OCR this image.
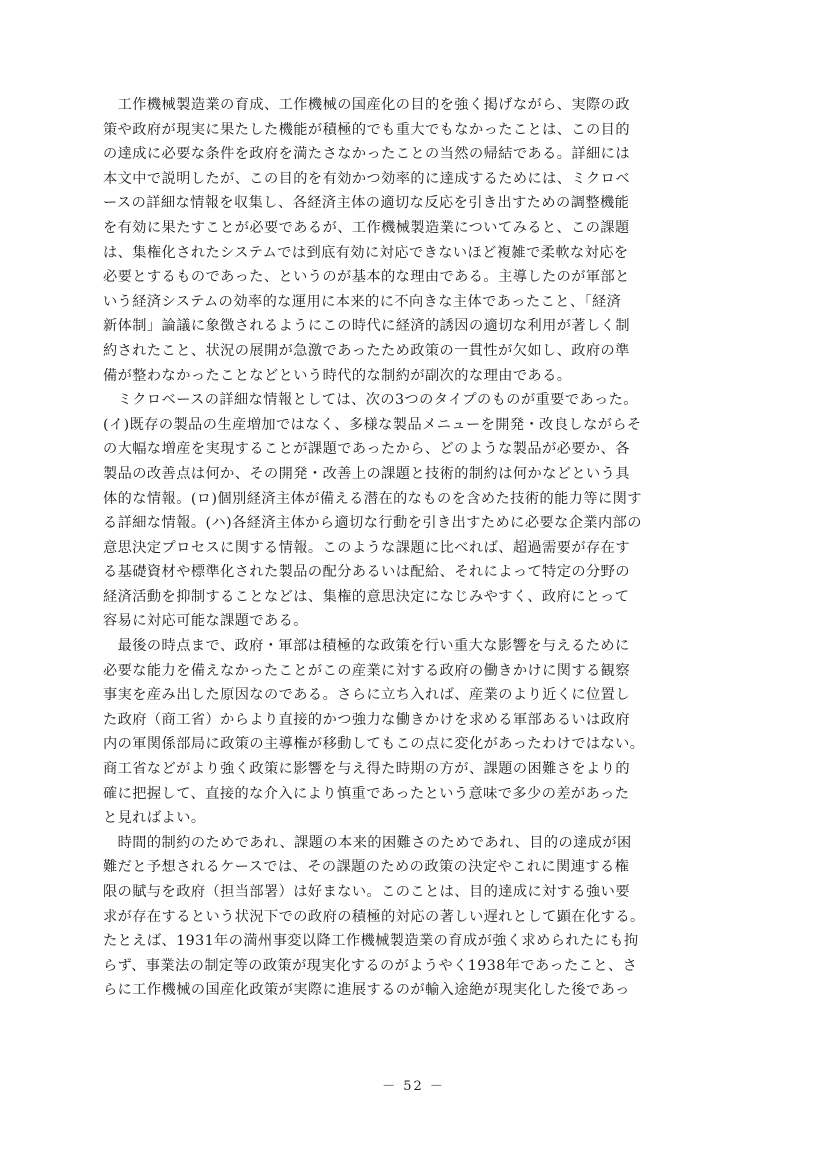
　工作機械製造業の育成、工作機械の国産化の目的を強く掲げながら、実際の政
策や政府が現実に果たした機能が積極的でも重大でもなかったことは、この目的
の達成に必要な条件を政府を満たさなかったことの当然の帰結である。詳細には
本文中で説明したが、この目的を有効かつ効率的に達成するためには、ミクロベ
ースの詳細な情報を収集し、各経済主体の適切な反応を引き出すための調整機能
を有効に果たすことが必要であるが、工作機械製造業についてみると、この課題
は、集権化されたシステムでは到底有効に対応できないほど複雑で柔軟な対応を
必要とするものであった、というのが基本的な理由である。主導したのが軍部と
いう経済システムの効率的な運用に本来的に不向きな主体であったこと、「経済
新体制」論議に象徴されるようにこの時代に経済的誘因の適切な利用が著しく制
約されたこと、状況の展開が急激であったため政策の一貫性が欠如し、政府の準
備が整わなかったことなどという時代的な制約が副次的な理由である。
　ミクロベースの詳細な情報としては、次の3つのタイプのものが重要であった。
(イ)既存の製品の生産増加ではなく、多様な製品メニューを開発・改良しながらそ
の大幅な増産を実現することが課題であったから、どのような製品が必要か、各
製品の改善点は何か、その開発・改善上の課題と技術的制約は何かなどという具
体的な情報。(ロ)個別経済主体が備える潜在的なものを含めた技術的能力等に関す
る詳細な情報。(ハ)各経済主体から適切な行動を引き出すために必要な企業内部の
意思決定プロセスに関する情報。このような課題に比べれば、超過需要が存在す
る基礎資材や標準化された製品の配分あるいは配給、それによって特定の分野の
経済活動を抑制することなどは、集権的意思決定になじみやすく、政府にとって
容易に対応可能な課題である。
　最後の時点まで、政府・軍部は積極的な政策を行い重大な影響を与えるために
必要な能力を備えなかったことがこの産業に対する政府の働きかけに関する観察
事実を産み出した原因なのである。さらに立ち入れば、産業のより近くに位置し
た政府（商工省）からより直接的かつ強力な働きかけを求める軍部あるいは政府
内の軍関係部局に政策の主導権が移動してもこの点に変化があったわけではない。
商工省などがより強く政策に影響を与え得た時期の方が、課題の困難さをより的
確に把握して、直接的な介入により慎重であったという意味で多少の差があった
と見ればよい。
　時間的制約のためであれ、課題の本来的困難さのためであれ、目的の達成が困
難だと予想されるケースでは、その課題のための政策の決定やこれに関連する権
限の賦与を政府（担当部署）は好まない。このことは、目的達成に対する強い要
求が存在するという状況下での政府の積極的対応の著しい遅れとして顕在化する。
たとえば、1931年の満州事変以降工作機械製造業の育成が強く求められたにも拘
らず、事業法の制定等の政策が現実化するのがようやく1938年であったこと、さ
らに工作機械の国産化政策が実際に進展するのが輸入途絶が現実化した後であっ
－ 52 －
